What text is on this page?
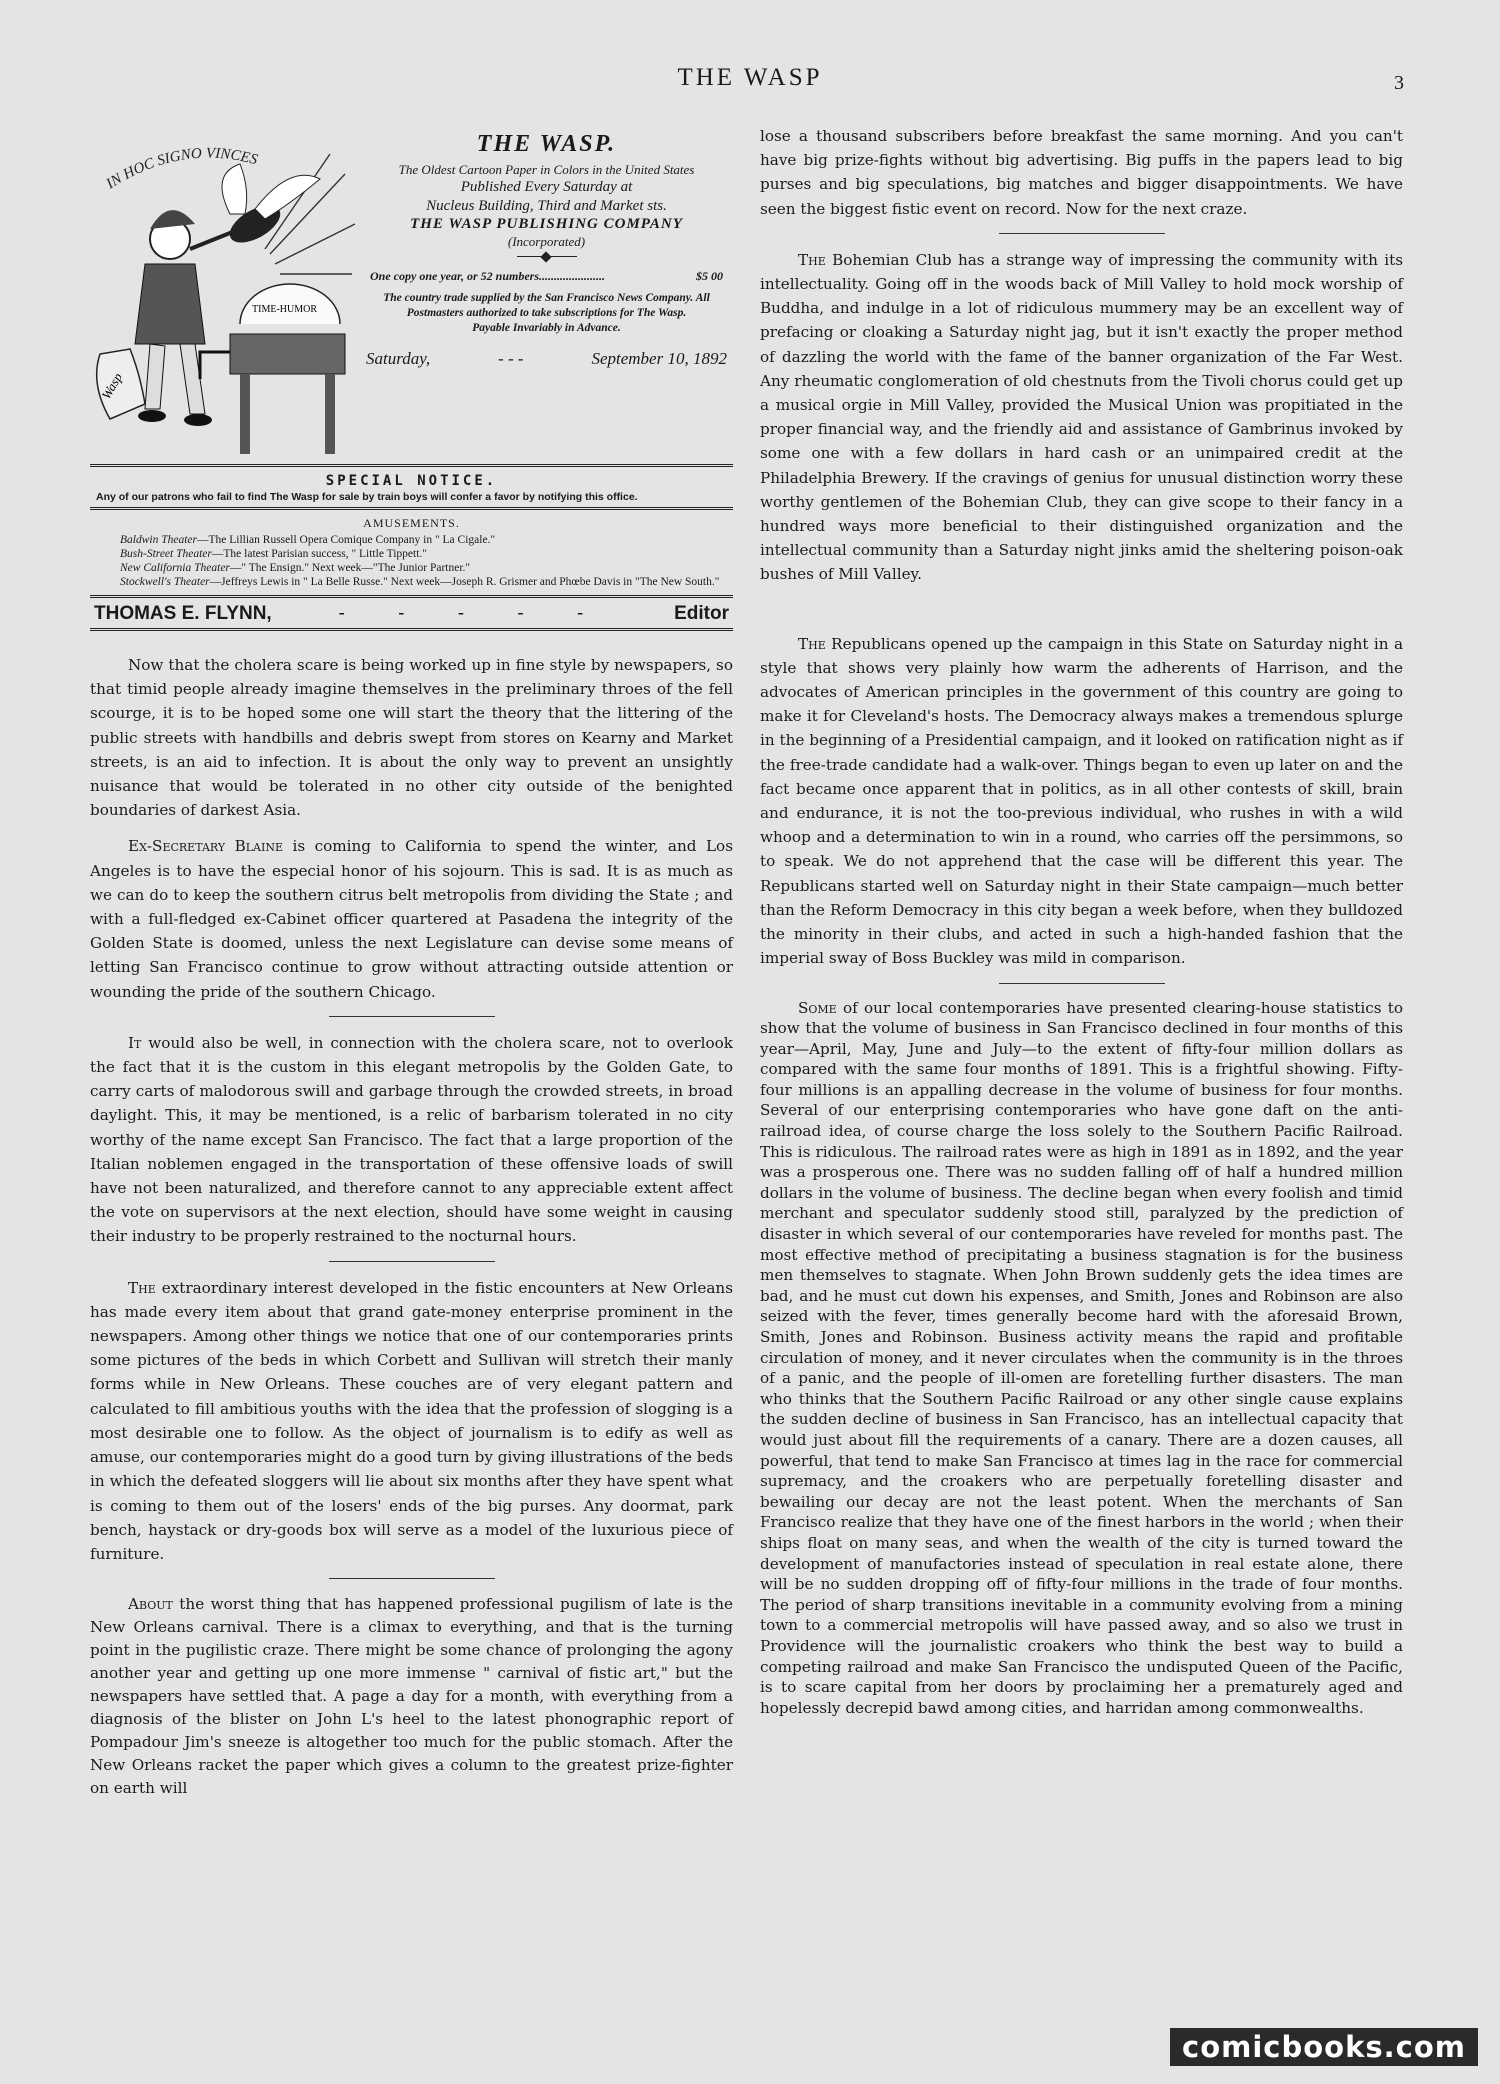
THE WASP	3
IN HOC SIGNO VINCES
Wasp
TIME-HUMOR
THE WASP.
The Oldest Cartoon Paper in Colors in the United States
Published Every Saturday at
Nucleus Building, Third and Market sts.
THE WASP PUBLISHING COMPANY
(Incorporated)
One copy one year, or 52 numbers......................	$5 00
The country trade supplied by the San Francisco News Company. All Postmasters authorized to take subscriptions for The Wasp.
Payable Invariably in Advance.
Saturday,	- - -	September 10, 1892
SPECIAL NOTICE.
Any of our patrons who fail to find The Wasp for sale by train boys will confer a favor by notifying this office.
AMUSEMENTS.
Baldwin Theater—The Lillian Russell Opera Comique Company in " La Cigale."
Bush-Street Theater—The latest Parisian success, " Little Tippett."
New California Theater—" The Ensign." Next week—"The Junior Partner."
Stockwell's Theater—Jeffreys Lewis in " La Belle Russe." Next week—Joseph R. Grismer and Phœbe Davis in "The New South."
THOMAS E. FLYNN,	- - - - -	Editor

Now that the cholera scare is being worked up in fine style by newspapers, so that timid people already imagine themselves in the preliminary throes of the fell scourge, it is to be hoped some one will start the theory that the littering of the public streets with handbills and debris swept from stores on Kearny and Market streets, is an aid to infection. It is about the only way to prevent an unsightly nuisance that would be tolerated in no other city outside of the benighted boundaries of darkest Asia.

Ex-Secretary Blaine is coming to California to spend the winter, and Los Angeles is to have the especial honor of his sojourn. This is sad. It is as much as we can do to keep the southern citrus belt metropolis from dividing the State ; and with a full-fledged ex-Cabinet officer quartered at Pasadena the integrity of the Golden State is doomed, unless the next Legislature can devise some means of letting San Francisco continue to grow without attracting outside attention or wounding the pride of the southern Chicago.

It would also be well, in connection with the cholera scare, not to overlook the fact that it is the custom in this elegant metropolis by the Golden Gate, to carry carts of malodorous swill and garbage through the crowded streets, in broad daylight. This, it may be mentioned, is a relic of barbarism tolerated in no city worthy of the name except San Francisco. The fact that a large proportion of the Italian noblemen engaged in the transportation of these offensive loads of swill have not been naturalized, and therefore cannot to any appreciable extent affect the vote on supervisors at the next election, should have some weight in causing their industry to be properly restrained to the nocturnal hours.

The extraordinary interest developed in the fistic encounters at New Orleans has made every item about that grand gate-money enterprise prominent in the newspapers. Among other things we notice that one of our contemporaries prints some pictures of the beds in which Corbett and Sullivan will stretch their manly forms while in New Orleans. These couches are of very elegant pattern and calculated to fill ambitious youths with the idea that the profession of slogging is a most desirable one to follow. As the object of journalism is to edify as well as amuse, our contemporaries might do a good turn by giving illustrations of the beds in which the defeated sloggers will lie about six months after they have spent what is coming to them out of the losers' ends of the big purses. Any doormat, park bench, haystack or dry-goods box will serve as a model of the luxurious piece of furniture.

About the worst thing that has happened professional pugilism of late is the New Orleans carnival. There is a climax to everything, and that is the turning point in the pugilistic craze. There might be some chance of prolonging the agony another year and getting up one more immense " carnival of fistic art," but the newspapers have settled that. A page a day for a month, with everything from a diagnosis of the blister on John L's heel to the latest phonographic report of Pompadour Jim's sneeze is altogether too much for the public stomach. After the New Orleans racket the paper which gives a column to the greatest prize-fighter on earth will

lose a thousand subscribers before breakfast the same morning. And you can't have big prize-fights without big advertising. Big puffs in the papers lead to big purses and big speculations, big matches and bigger disappointments. We have seen the biggest fistic event on record. Now for the next craze.

The Bohemian Club has a strange way of impressing the community with its intellectuality. Going off in the woods back of Mill Valley to hold mock worship of Buddha, and indulge in a lot of ridiculous mummery may be an excellent way of prefacing or cloaking a Saturday night jag, but it isn't exactly the proper method of dazzling the world with the fame of the banner organization of the Far West. Any rheumatic conglomeration of old chestnuts from the Tivoli chorus could get up a musical orgie in Mill Valley, provided the Musical Union was propitiated in the proper financial way, and the friendly aid and assistance of Gambrinus invoked by some one with a few dollars in hard cash or an unimpaired credit at the Philadelphia Brewery. If the cravings of genius for unusual distinction worry these worthy gentlemen of the Bohemian Club, they can give scope to their fancy in a hundred ways more beneficial to their distinguished organization and the intellectual community than a Saturday night jinks amid the sheltering poison-oak bushes of Mill Valley.

The Republicans opened up the campaign in this State on Saturday night in a style that shows very plainly how warm the adherents of Harrison, and the advocates of American principles in the government of this country are going to make it for Cleveland's hosts. The Democracy always makes a tremendous splurge in the beginning of a Presidential campaign, and it looked on ratification night as if the free-trade candidate had a walk-over. Things began to even up later on and the fact became once apparent that in politics, as in all other contests of skill, brain and endurance, it is not the too-previous individual, who rushes in with a wild whoop and a determination to win in a round, who carries off the persimmons, so to speak. We do not apprehend that the case will be different this year. The Republicans started well on Saturday night in their State campaign—much better than the Reform Democracy in this city began a week before, when they bulldozed the minority in their clubs, and acted in such a high-handed fashion that the imperial sway of Boss Buckley was mild in comparison.

Some of our local contemporaries have presented clearing-house statistics to show that the volume of business in San Francisco declined in four months of this year—April, May, June and July—to the extent of fifty-four million dollars as compared with the same four months of 1891. This is a frightful showing. Fifty-four millions is an appalling decrease in the volume of business for four months. Several of our enterprising contemporaries who have gone daft on the anti-railroad idea, of course charge the loss solely to the Southern Pacific Railroad. This is ridiculous. The railroad rates were as high in 1891 as in 1892, and the year was a prosperous one. There was no sudden falling off of half a hundred million dollars in the volume of business. The decline began when every foolish and timid merchant and speculator suddenly stood still, paralyzed by the prediction of disaster in which several of our contemporaries have reveled for months past. The most effective method of precipitating a business stagnation is for the business men themselves to stagnate. When John Brown suddenly gets the idea times are bad, and he must cut down his expenses, and Smith, Jones and Robinson are also seized with the fever, times generally become hard with the aforesaid Brown, Smith, Jones and Robinson. Business activity means the rapid and profitable circulation of money, and it never circulates when the community is in the throes of a panic, and the people of ill-omen are foretelling further disasters. The man who thinks that the Southern Pacific Railroad or any other single cause explains the sudden decline of business in San Francisco, has an intellectual capacity that would just about fill the requirements of a canary. There are a dozen causes, all powerful, that tend to make San Francisco at times lag in the race for commercial supremacy, and the croakers who are perpetually foretelling disaster and bewailing our decay are not the least potent. When the merchants of San Francisco realize that they have one of the finest harbors in the world ; when their ships float on many seas, and when the wealth of the city is turned toward the development of manufactories instead of speculation in real estate alone, there will be no sudden dropping off of fifty-four millions in the trade of four months. The period of sharp transitions inevitable in a community evolving from a mining town to a commercial metropolis will have passed away, and so also we trust in Providence will the journalistic croakers who think the best way to build a competing railroad and make San Francisco the undisputed Queen of the Pacific, is to scare capital from her doors by proclaiming her a prematurely aged and hopelessly decrepid bawd among cities, and harridan among commonwealths.

comicbooks.com
